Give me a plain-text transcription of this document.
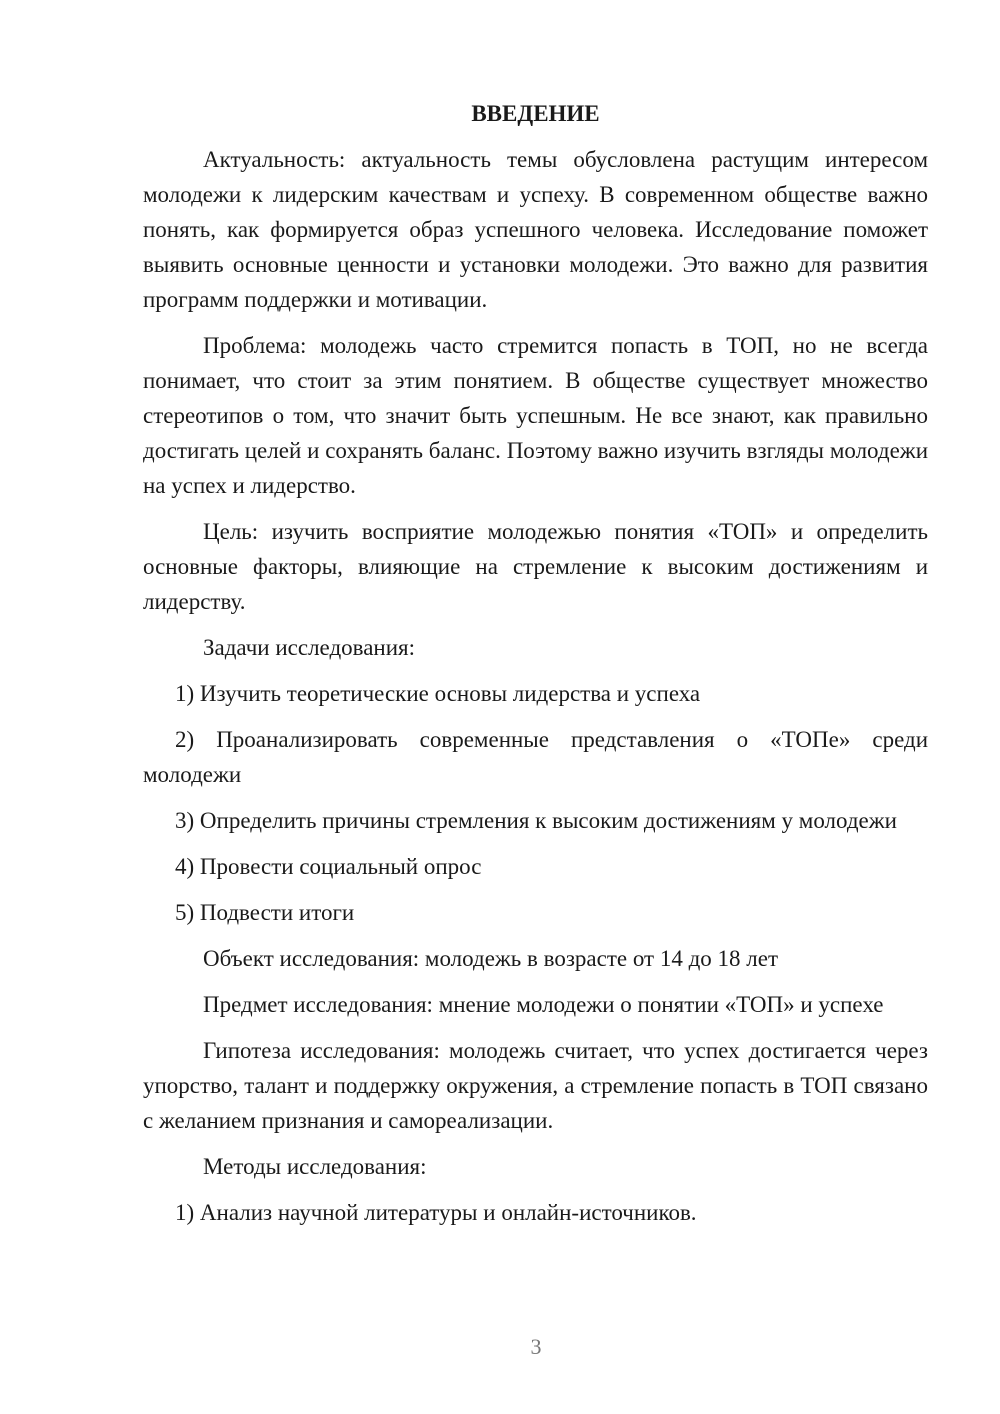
ВВЕДЕНИЕ

Актуальность: актуальность темы обусловлена растущим интересом молодежи к лидерским качествам и успеху. В современном обществе важно понять, как формируется образ успешного человека. Исследование поможет выявить основные ценности и установки молодежи. Это важно для развития программ поддержки и мотивации.

Проблема: молодежь часто стремится попасть в ТОП, но не всегда понимает, что стоит за этим понятием. В обществе существует множество стереотипов о том, что значит быть успешным. Не все знают, как правильно достигать целей и сохранять баланс. Поэтому важно изучить взгляды молодежи на успех и лидерство.

Цель: изучить восприятие молодежью понятия «ТОП» и определить основные факторы, влияющие на стремление к высоким достижениям и лидерству.

Задачи исследования:

1) Изучить теоретические основы лидерства и успеха

2) Проанализировать современные представления о «ТОПе» среди молодежи

3) Определить причины стремления к высоким достижениям у молодежи

4) Провести социальный опрос

5) Подвести итоги

Объект исследования: молодежь в возрасте от 14 до 18 лет

Предмет исследования: мнение молодежи о понятии «ТОП» и успехе

Гипотеза исследования: молодежь считает, что успех достигается через упорство, талант и поддержку окружения, а стремление попасть в ТОП связано с желанием признания и самореализации.

Методы исследования:

1) Анализ научной литературы и онлайн-источников.

3
